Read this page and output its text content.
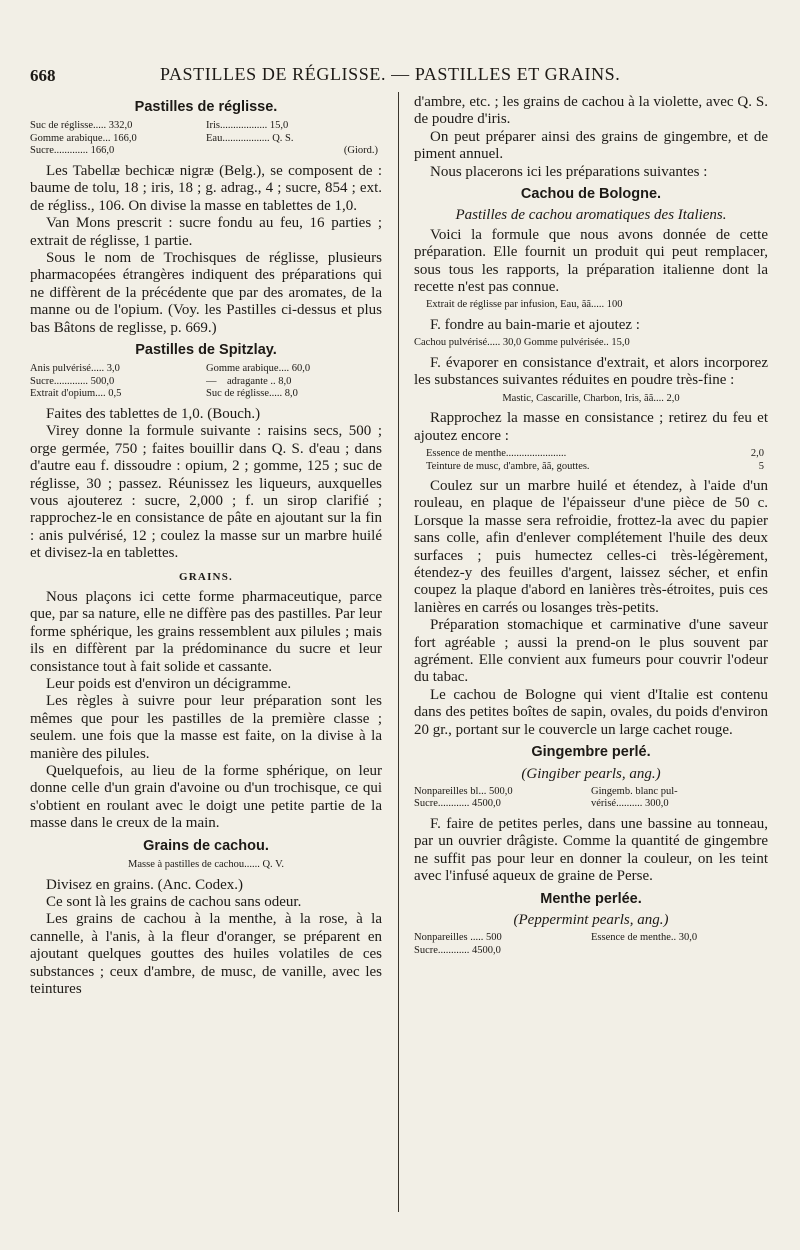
668	PASTILLES DE RÉGLISSE. — PASTILLES ET GRAINS.
Pastilles de réglisse.
Suc de réglisse..... 332,0	Iris.................. 15,0
Gomme arabique... 166,0	Eau.................. Q. S.
Sucre............. 166,0	(Giord.)

Les Tabellæ bechicæ nigræ (Belg.), se composent de : baume de tolu, 18 ; iris, 18 ; g. adrag., 4 ; sucre, 854 ; ext. de régliss., 106. On divise la masse en tablettes de 1,0.

Van Mons prescrit : sucre fondu au feu, 16 parties ; extrait de réglisse, 1 partie.

Sous le nom de Trochisques de réglisse, plusieurs pharmacopées étrangères indiquent des préparations qui ne diffèrent de la précédente que par des aromates, de la manne ou de l'opium. (Voy. les Pastilles ci-dessus et plus bas Bâtons de reglisse, p. 669.)

Pastilles de Spitzlay.
Anis pulvérisé..... 3,0	Gomme arabique.... 60,0
Sucre............. 500,0	—    adragante .. 8,0
Extrait d'opium.... 0,5	Suc de réglisse..... 8,0

Faites des tablettes de 1,0. (Bouch.)

Virey donne la formule suivante : raisins secs, 500 ; orge germée, 750 ; faites bouillir dans Q. S. d'eau ; dans d'autre eau f. dissoudre : opium, 2 ; gomme, 125 ; suc de réglisse, 30 ; passez. Réunissez les liqueurs, auxquelles vous ajouterez : sucre, 2,000 ; f. un sirop clarifié ; rapprochez-le en consistance de pâte en ajoutant sur la fin : anis pulvérisé, 12 ; coulez la masse sur un marbre huilé et divisez-la en tablettes.

GRAINS.

Nous plaçons ici cette forme pharmaceutique, parce que, par sa nature, elle ne diffère pas des pastilles. Par leur forme sphérique, les grains ressemblent aux pilules ; mais ils en diffèrent par la prédominance du sucre et leur consistance tout à fait solide et cassante.

Leur poids est d'environ un décigramme.

Les règles à suivre pour leur préparation sont les mêmes que pour les pastilles de la première classe ; seulem. une fois que la masse est faite, on la divise à la manière des pilules.

Quelquefois, au lieu de la forme sphérique, on leur donne celle d'un grain d'avoine ou d'un trochisque, ce qui s'obtient en roulant avec le doigt une petite partie de la masse dans le creux de la main.

Grains de cachou.
Masse à pastilles de cachou...... Q. V.

Divisez en grains. (Anc. Codex.)

Ce sont là les grains de cachou sans odeur.

Les grains de cachou à la menthe, à la rose, à la cannelle, à l'anis, à la fleur d'oranger, se préparent en ajoutant quelques gouttes des huiles volatiles de ces substances ; ceux d'ambre, de musc, de vanille, avec les teintures

d'ambre, etc. ; les grains de cachou à la violette, avec Q. S. de poudre d'iris.

On peut préparer ainsi des grains de gingembre, et de piment annuel.

Nous placerons ici les préparations suivantes :

Cachou de Bologne.
Pastilles de cachou aromatiques des Italiens.

Voici la formule que nous avons donnée de cette préparation. Elle fournit un produit qui peut remplacer, sous tous les rapports, la préparation italienne dont la recette n'est pas connue.

Extrait de réglisse par infusion, Eau, ãã..... 100

F. fondre au bain-marie et ajoutez :

Cachou pulvérisé..... 30,0 Gomme pulvérisée.. 15,0

F. évaporer en consistance d'extrait, et alors incorporez les substances suivantes réduites en poudre très-fine :

Mastic, Cascarille, Charbon, Iris, ãã.... 2,0

Rapprochez la masse en consistance ; retirez du feu et ajoutez encore :

Essence de menthe.......................	2,0
Teinture de musc, d'ambre, ãã, gouttes.	5

Coulez sur un marbre huilé et étendez, à l'aide d'un rouleau, en plaque de l'épaisseur d'une pièce de 50 c. Lorsque la masse sera refroidie, frottez-la avec du papier sans colle, afin d'enlever complétement l'huile des deux surfaces ; puis humectez celles-ci très-légèrement, étendez-y des feuilles d'argent, laissez sécher, et enfin coupez la plaque d'abord en lanières très-étroites, puis ces lanières en carrés ou losanges très-petits.

Préparation stomachique et carminative d'une saveur fort agréable ; aussi la prend-on le plus souvent par agrément. Elle convient aux fumeurs pour couvrir l'odeur du tabac.

Le cachou de Bologne qui vient d'Italie est contenu dans des petites boîtes de sapin, ovales, du poids d'environ 20 gr., portant sur le couvercle un large cachet rouge.

Gingembre perlé.
(Gingiber pearls, ang.)
Nonpareilles bl... 500,0	Gingemb. blanc pul-
Sucre............ 4500,0	vérisé.......... 300,0

F. faire de petites perles, dans une bassine au tonneau, par un ouvrier drâgiste. Comme la quantité de gingembre ne suffit pas pour leur en donner la couleur, on les teint avec l'infusé aqueux de graine de Perse.

Menthe perlée.
(Peppermint pearls, ang.)
Nonpareilles ..... 500	Essence de menthe.. 30,0
Sucre............ 4500,0
